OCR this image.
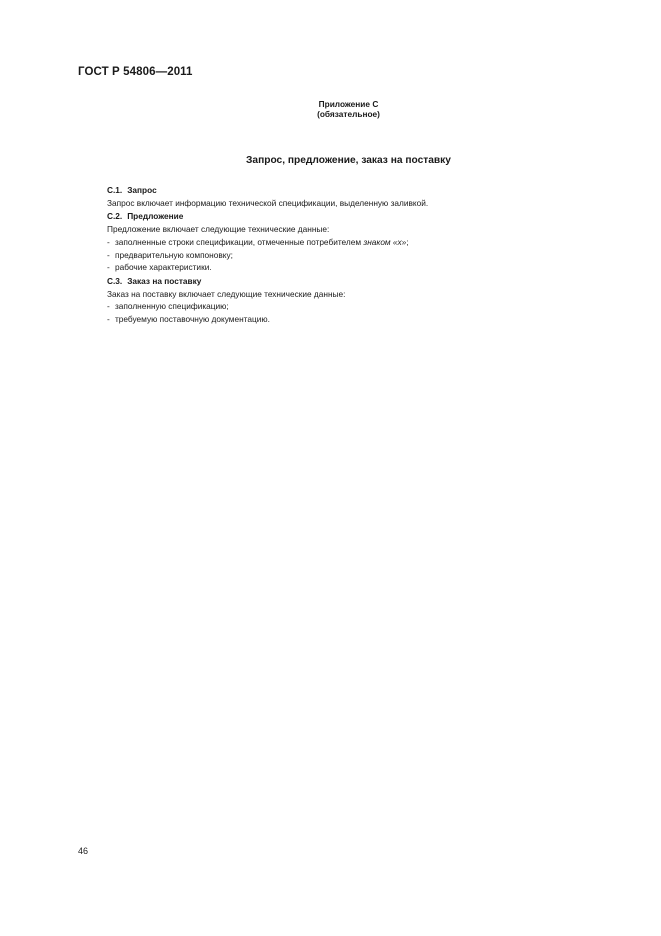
ГОСТ Р 54806—2011
Приложение С
(обязательное)
Запрос, предложение, заказ на поставку
С.1. Запрос

Запрос включает информацию технической спецификации, выделенную заливкой.

С.2. Предложение

Предложение включает следующие технические данные:

- заполненные строки спецификации, отмеченные потребителем знаком «х»;
- предварительную компоновку;
- рабочие характеристики.
С.3. Заказ на поставку

Заказ на поставку включает следующие технические данные:

- заполненную спецификацию;
- требуемую поставочную документацию.
46
